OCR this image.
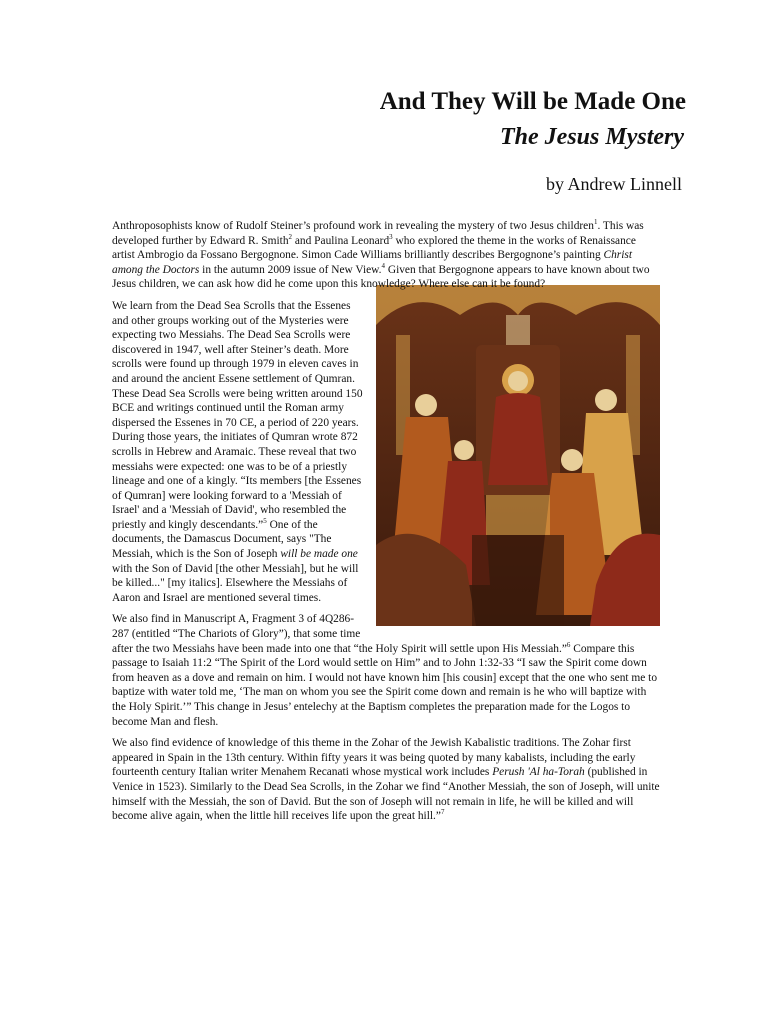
And They Will be Made One
The Jesus Mystery
by Andrew Linnell

Anthroposophists know of Rudolf Steiner’s profound work in revealing the mystery of two Jesus children$^1$. This was developed further by Edward R. Smith$^2$ and Paulina Leonard$^3$ who explored the theme in the works of Renaissance artist Ambrogio da Fossano Bergognone. Simon Cade Williams brilliantly describes Bergognone’s painting Christ among the Doctors in the autumn 2009 issue of New View.$^4$ Given that Bergognone appears to have known about two Jesus children, we can ask how did he come upon this knowledge? Where else can it be found?

We learn from the Dead Sea Scrolls that the Essenes and other groups working out of the Mysteries were expecting two Messiahs. The Dead Sea Scrolls were discovered in 1947, well after Steiner’s death. More scrolls were found up through 1979 in eleven caves in and around the ancient Essene settlement of Qumran. These Dead Sea Scrolls were being written around 150 BCE and writings continued until the Roman army dispersed the Essenes in 70 CE, a period of 220 years. During those years, the initiates of Qumran wrote 872 scrolls in Hebrew and Aramaic. These reveal that two messiahs were expected: one was to be of a priestly lineage and one of a kingly. “Its members [the Essenes of Qumran] were looking forward to a 'Messiah of Israel' and a 'Messiah of David', who resembled the priestly and kingly descendants.”$^5$ One of the documents, the Damascus Document, says "The Messiah, which is the Son of Joseph will be made one with the Son of David [the other Messiah], but he will be killed..." [my italics]. Elsewhere the Messiahs of Aaron and Israel are mentioned several times.

We also find in Manuscript A, Fragment 3 of 4Q286-287 (entitled “The Chariots of Glory”), that some time after the two Messiahs have been made into one that “the Holy Spirit will settle upon His Messiah.”$^6$ Compare this passage to Isaiah 11:2 “The Spirit of the Lord would settle on Him” and to John 1:32-33 “I saw the Spirit come down from heaven as a dove and remain on him. I would not have known him [his cousin] except that the one who sent me to baptize with water told me, ‘The man on whom you see the Spirit come down and remain is he who will baptize with the Holy Spirit.’” This change in Jesus’ entelechy at the Baptism completes the preparation made for the Logos to become Man and flesh.

We also find evidence of knowledge of this theme in the Zohar of the Jewish Kabalistic traditions. The Zohar first appeared in Spain in the 13th century. Within fifty years it was being quoted by many kabalists, including the early fourteenth century Italian writer Menahem Recanati whose mystical work includes Perush 'Al ha-Torah (published in Venice in 1523). Similarly to the Dead Sea Scrolls, in the Zohar we find “Another Messiah, the son of Joseph, will unite himself with the Messiah, the son of David. But the son of Joseph will not remain in life, he will be killed and will become alive again, when the little hill receives life upon the great hill.”$^7$
